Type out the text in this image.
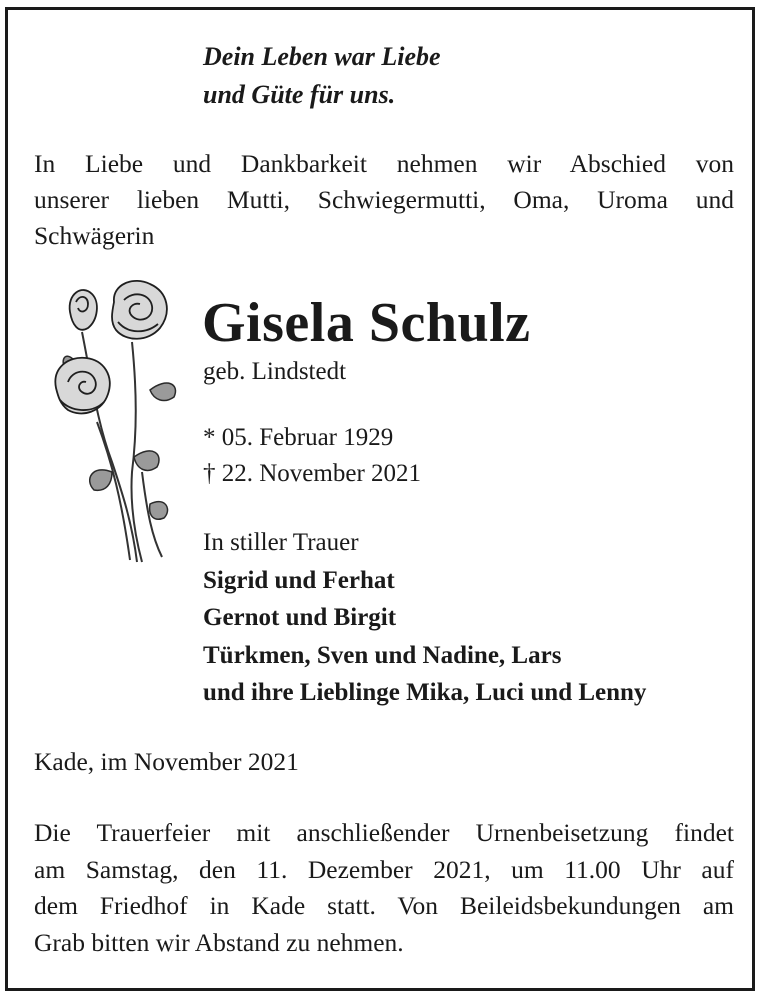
Dein Leben war Liebe
und Güte für uns.
In Liebe und Dankbarkeit nehmen wir Abschied von
unserer lieben Mutti, Schwiegermutti, Oma, Uroma und
Schwägerin
Gisela Schulz
geb. Lindstedt
* 05. Februar 1929
† 22. November 2021
In stiller Trauer
Sigrid und Ferhat
Gernot und Birgit
Türkmen, Sven und Nadine, Lars
und ihre Lieblinge Mika, Luci und Lenny
Kade, im November 2021
Die Trauerfeier mit anschließender Urnenbeisetzung findet
am Samstag, den 11. Dezember 2021, um 11.00 Uhr auf
dem Friedhof in Kade statt. Von Beileidsbekundungen am
Grab bitten wir Abstand zu nehmen.
